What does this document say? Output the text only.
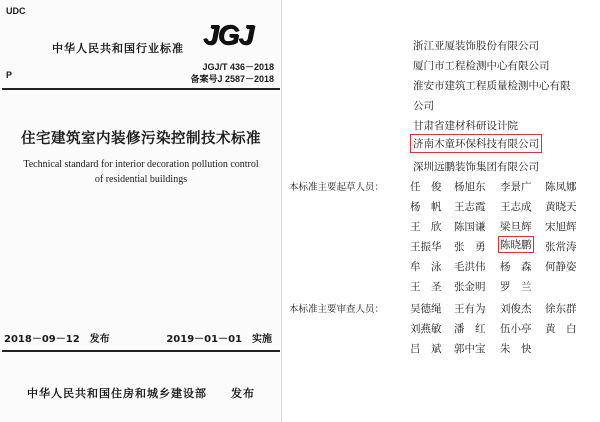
UDC
中华人民共和国行业标准 JGJ
JGJ/T 436－2018
P	备案号J 2587－2018
住宅建筑室内装修污染控制技术标准
Technical standard for interior decoration pollution control
of residential buildings
2018－09－12　发布	2019－01－01　实施
中华人民共和国住房和城乡建设部　　发布
浙江亚厦装饰股份有限公司
厦门市工程检测中心有限公司
淮安市建筑工程质量检测中心有限
公司
甘肃省建材科研设计院
济南木童环保科技有限公司
深圳远鹏装饰集团有限公司
本标准主要起草人员： 任　俊 杨旭东 李景广 陈凤娜
杨　帆 王志霞 王志成 黄晓天
王　欣 陈国谦 梁旦辉 宋旭辉
王振华 张　勇 陈晓鹏 张常涛
牟　泳 毛洪伟 杨　森 何静姿
王　圣 张金明 罗　兰
本标准主要审查人员： 吴德绳 王有为 刘俊杰 徐东群
刘燕敏 潘　红 伍小亭 黄　白
吕　斌 郭中宝 朱　快
